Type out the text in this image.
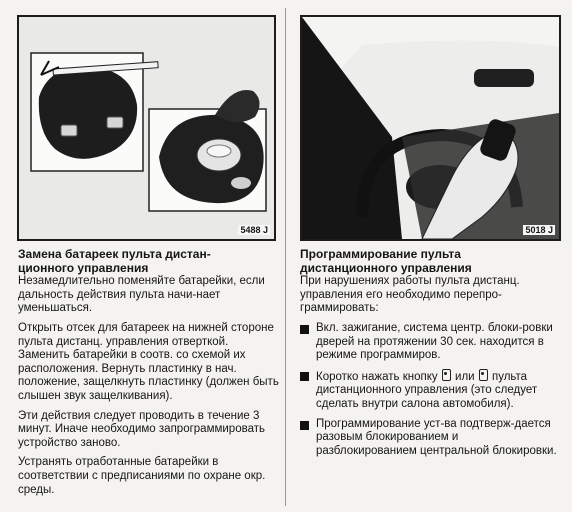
5488 J	5018 J

Замена батареек пульта дистан-
ционного управления

Незамедлительно поменяйте батарейки, если дальность действия пульта начи-нает уменьшаться.

Открыть отсек для батареек на нижней стороне пульта дистанц. управления отверткой. Заменить батарейки в соотв. со схемой их расположения. Вернуть пластинку в нач. положение, защелкнуть пластинку (должен быть слышен звук защелкивания).

Эти действия следует проводить в течение 3 минут. Иначе необходимо запрограммировать устройство заново.

Устранять отработанные батарейки в соответствии с предписаниями по охране окр. среды.

Программирование пульта
дистанционного управления

При нарушениях работы пульта дистанц. управления его необходимо перепро-граммировать:

Вкл. зажигание, система центр. блоки-ровки дверей на протяжении 30 сек. находится в режиме программиров.
Коротко нажать кнопку или пульта дистанционного управления (это следует сделать внутри салона автомобиля).
Программирование уст-ва подтверж-дается разовым блокированием и разблокированием центральной блокировки.
